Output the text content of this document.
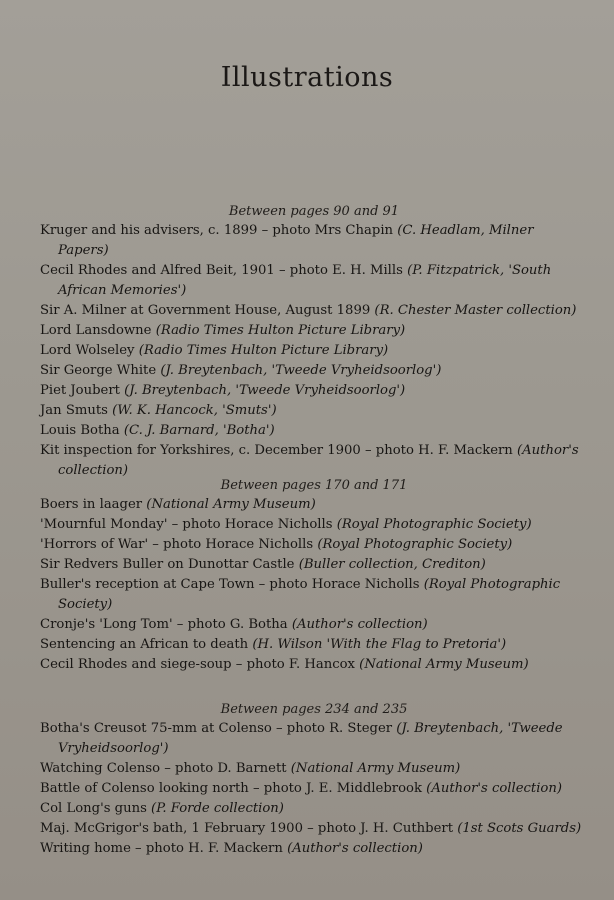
Illustrations
Between pages 90 and 91
Kruger and his advisers, c. 1899 – photo Mrs Chapin (C. Headlam, Milner Papers)
Cecil Rhodes and Alfred Beit, 1901 – photo E. H. Mills (P. Fitzpatrick, 'South African Memories')
Sir A. Milner at Government House, August 1899 (R. Chester Master collection)
Lord Lansdowne (Radio Times Hulton Picture Library)
Lord Wolseley (Radio Times Hulton Picture Library)
Sir George White (J. Breytenbach, 'Tweede Vryheidsoorlog')
Piet Joubert (J. Breytenbach, 'Tweede Vryheidsoorlog')
Jan Smuts (W. K. Hancock, 'Smuts')
Louis Botha (C. J. Barnard, 'Botha')
Kit inspection for Yorkshires, c. December 1900 – photo H. F. Mackern (Author's collection)
Between pages 170 and 171
Boers in laager (National Army Museum)
'Mournful Monday' – photo Horace Nicholls (Royal Photographic Society)
'Horrors of War' – photo Horace Nicholls (Royal Photographic Society)
Sir Redvers Buller on Dunottar Castle (Buller collection, Crediton)
Buller's reception at Cape Town – photo Horace Nicholls (Royal Photographic Society)
Cronje's 'Long Tom' – photo G. Botha (Author's collection)
Sentencing an African to death (H. Wilson 'With the Flag to Pretoria')
Cecil Rhodes and siege-soup – photo F. Hancox (National Army Museum)
Between pages 234 and 235
Botha's Creusot 75-mm at Colenso – photo R. Steger (J. Breytenbach, 'Tweede Vryheidsoorlog')
Watching Colenso – photo D. Barnett (National Army Museum)
Battle of Colenso looking north – photo J. E. Middlebrook (Author's collection)
Col Long's guns (P. Forde collection)
Maj. McGrigor's bath, 1 February 1900 – photo J. H. Cuthbert (1st Scots Guards)
Writing home – photo H. F. Mackern (Author's collection)
